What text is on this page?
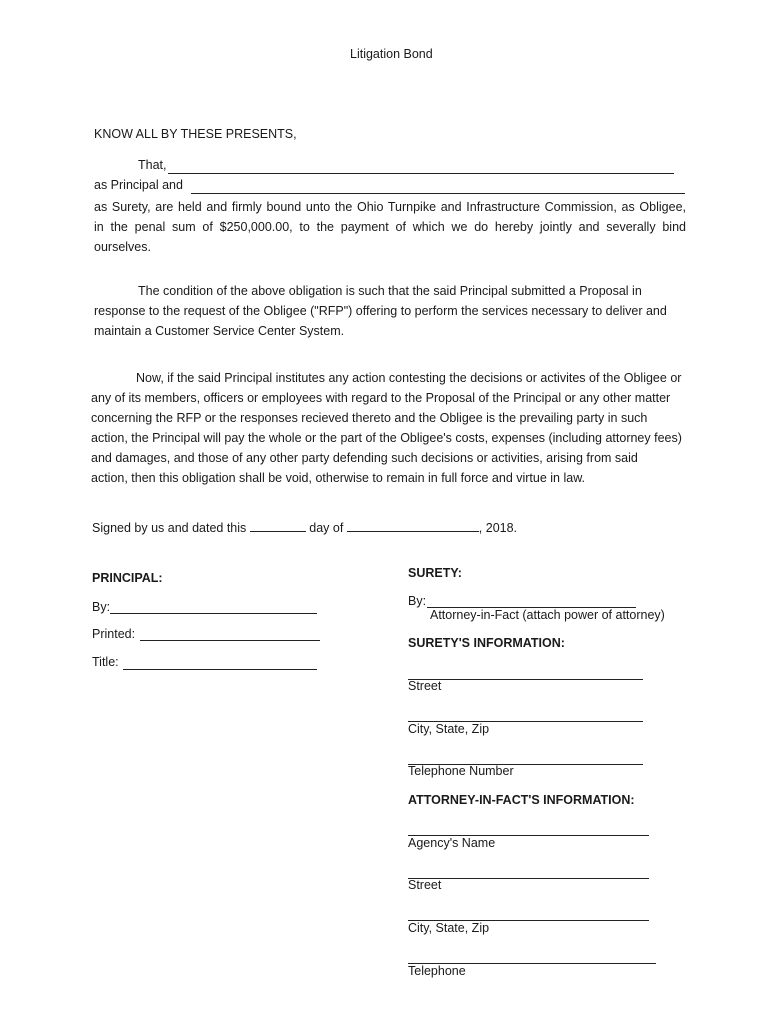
Litigation Bond
KNOW ALL BY THESE PRESENTS,
That,
as Principal and

as Surety, are held and firmly bound unto the Ohio Turnpike and Infrastructure Commission, as Obligee,

in the penal sum of $250,000.00, to the payment of which we do hereby jointly and severally bind

ourselves.

The condition of the above obligation is such that the said Principal submitted a Proposal in
response to the request of the Obligee ("RFP") offering to perform the services necessary to deliver and
maintain a Customer Service Center System.
Now, if the said Principal institutes any action contesting the decisions or activites of the Obligee or
any of its members, officers or employees with regard to the Proposal of the Principal or any other matter
concerning the RFP or the responses recieved thereto and the Obligee is the prevailing party in such
action, the Principal will pay the whole or the part of the Obligee's costs, expenses (including attorney fees)
and damages, and those of any other party defending such decisions or activities, arising from said
action, then this obligation shall be void, otherwise to remain in full force and virtue in law.
Signed by us and dated this	day of	, 2018.
PRINCIPAL:
By:
Printed:
Title:
SURETY:
By:
Attorney-in-Fact (attach power of attorney)
SURETY'S INFORMATION:
Street
City, State, Zip
Telephone Number
ATTORNEY-IN-FACT'S INFORMATION:
Agency's Name
Street
City, State, Zip
Telephone
